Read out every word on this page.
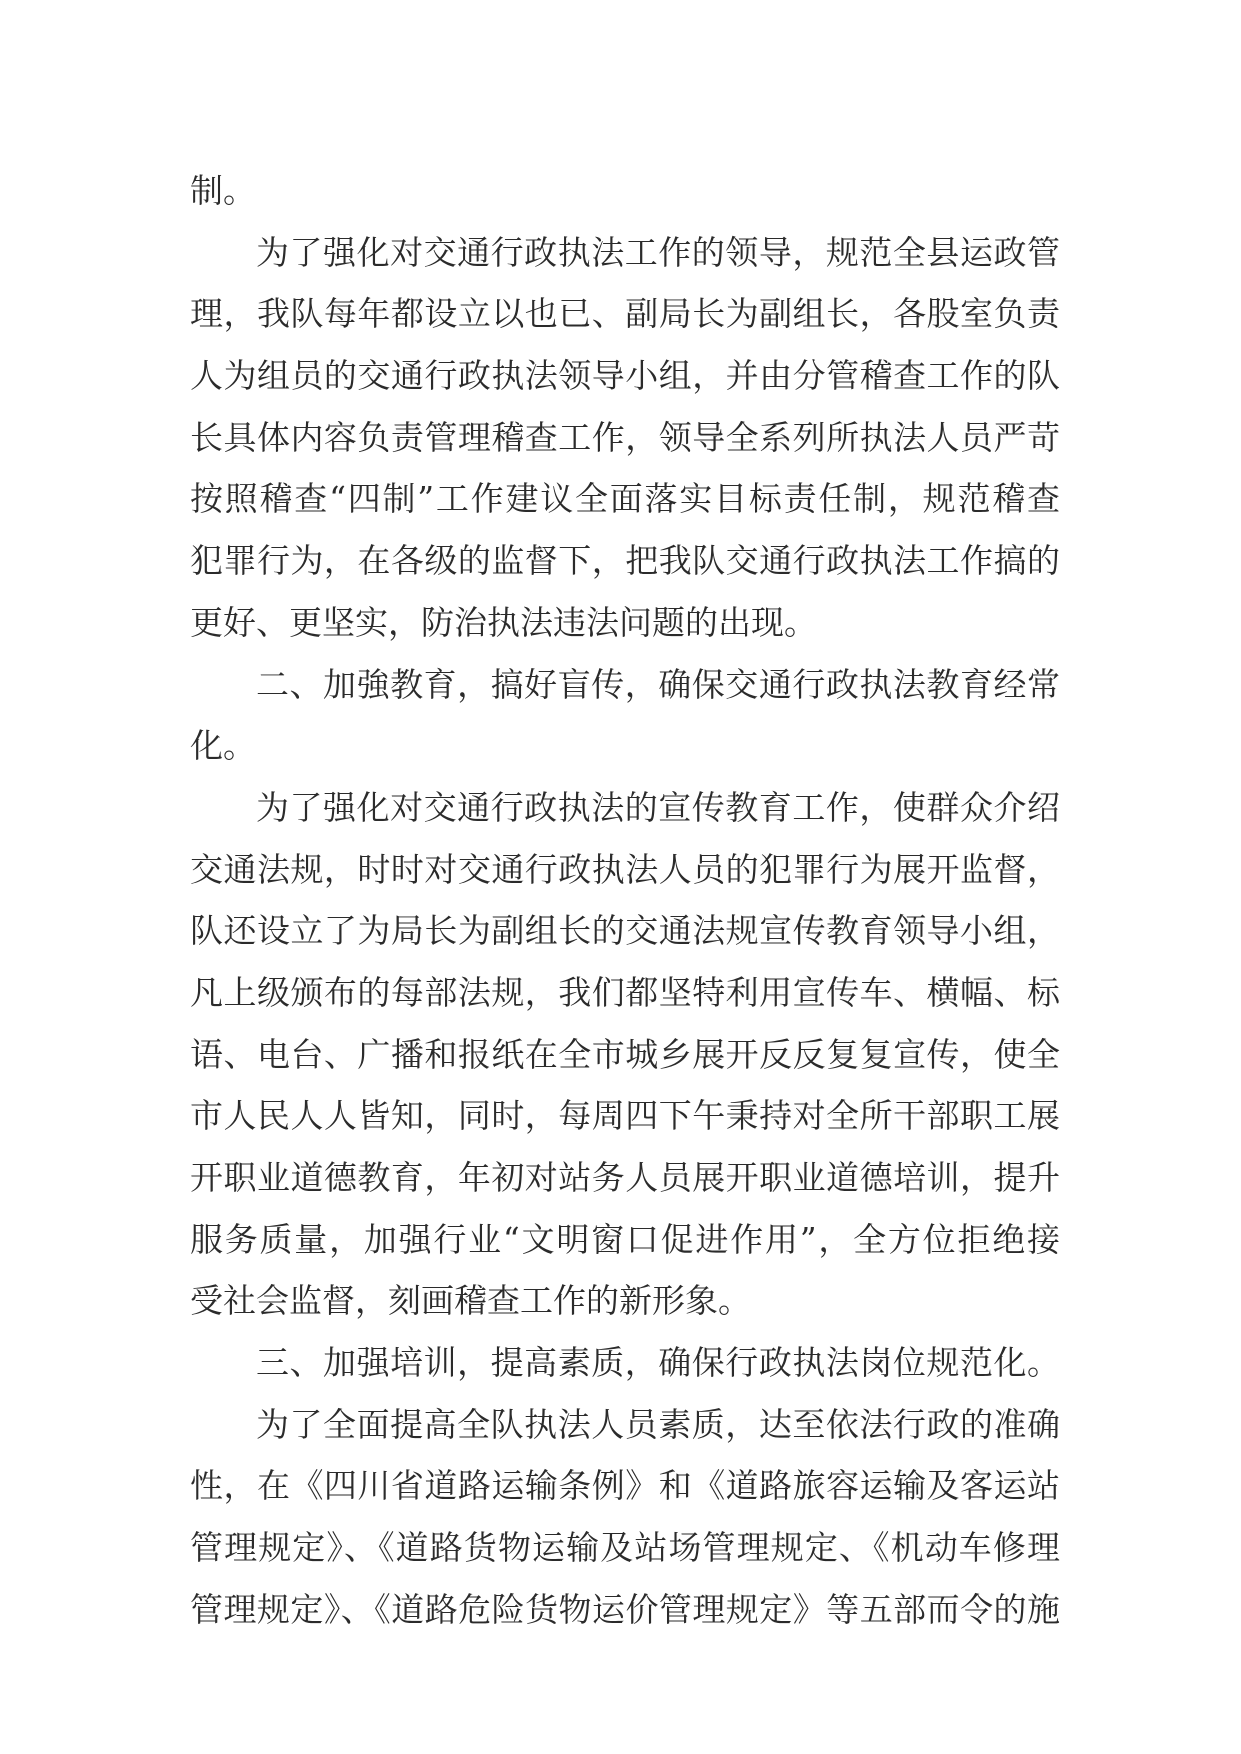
制。
为了强化对交通行政执法工作的领导，规范全县运政管
理，我队每年都设立以也已、副局长为副组长，各股室负责
人为组员的交通行政执法领导小组，并由分管稽查工作的队
长具体内容负责管理稽查工作，领导全系列所执法人员严苛
按照稽查“四制”工作建议全面落实目标责任制，规范稽查
犯罪行为，在各级的监督下，把我队交通行政执法工作搞的
更好、更坚实，防治执法违法问题的出现。
二、加強教育，搞好盲传，确保交通行政执法教育经常
化。
为了强化对交通行政执法的宣传教育工作，使群众介绍
交通法规，时时对交通行政执法人员的犯罪行为展开监督，
队还设立了为局长为副组长的交通法规宣传教育领导小组，
凡上级颁布的每部法规，我们都坚特利用宣传车、横幅、标
语、电台、广播和报纸在全市城乡展开反反复复宣传，使全
市人民人人皆知，同时，每周四下午秉持对全所干部职工展
开职业道德教育，年初对站务人员展开职业道德培训，提升
服务质量，加强行业“文明窗口促进作用”，全方位拒绝接
受社会监督，刻画稽查工作的新形象。
三、加强培训，提高素质，确保行政执法岗位规范化。
为了全面提高全队执法人员素质，达至依法行政的准确
性，在《四川省道路运输条例》和《道路旅容运输及客运站
管理规定》、《道路货物运输及站场管理规定、《机动车修理
管理规定》、《道路危险货物运价管理规定》等五部而令的施
